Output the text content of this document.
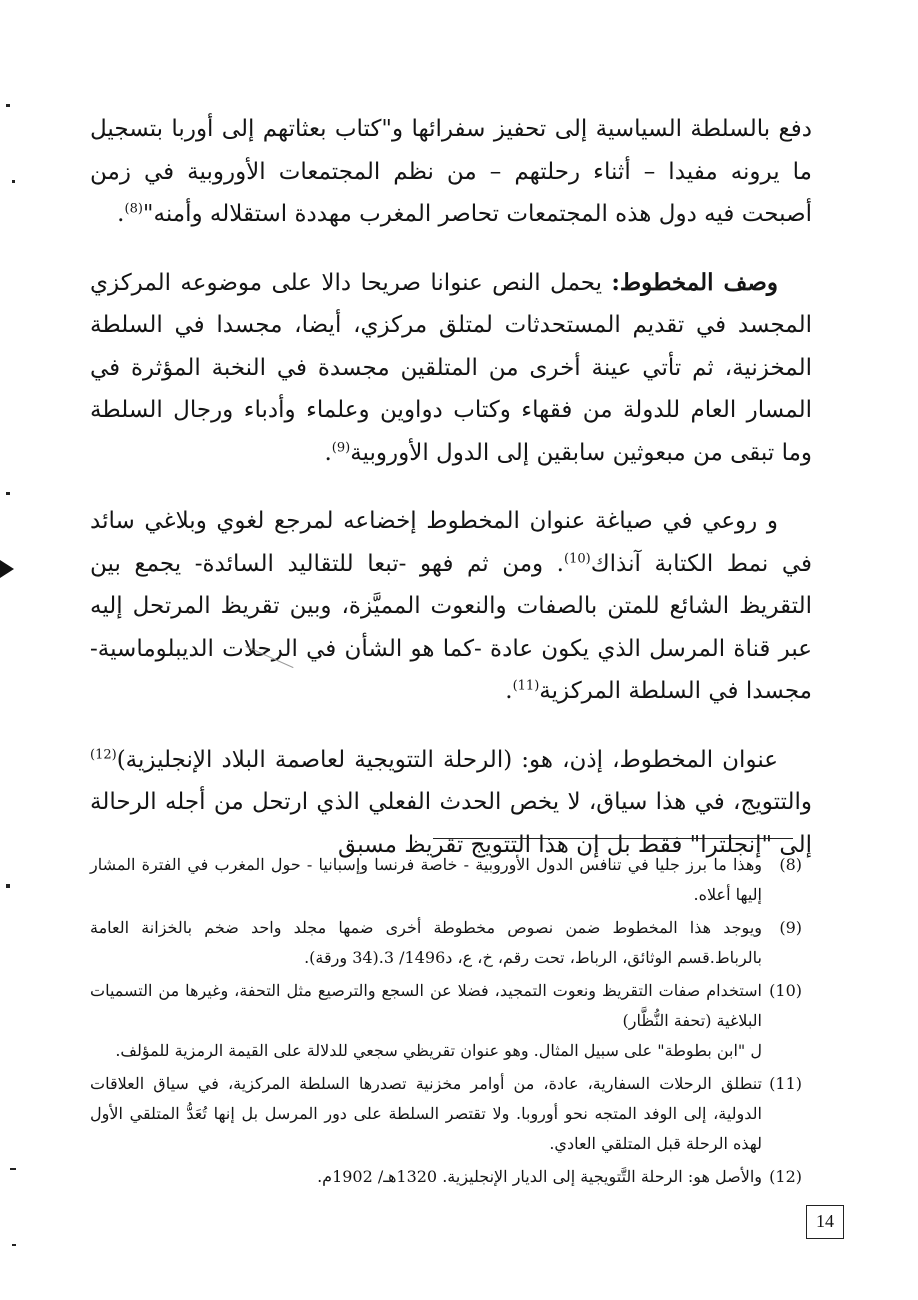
دفع بالسلطة السياسية إلى تحفيز سفرائها و"كتاب بعثاتهم إلى أوربا بتسجيل ما يرونه مفيدا – أثناء رحلتهم – من نظم المجتمعات الأوروبية في زمن أصبحت فيه دول هذه المجتمعات تحاصر المغرب مهددة استقلاله وأمنه"$^{(8)}$.

وصف المخطوط: يحمل النص عنوانا صريحا دالا على موضوعه المركزي المجسد في تقديم المستحدثات لمتلق مركزي، أيضا، مجسدا في السلطة المخزنية، ثم تأتي عينة أخرى من المتلقين مجسدة في النخبة المؤثرة في المسار العام للدولة من فقهاء وكتاب دواوين وعلماء وأدباء ورجال السلطة وما تبقى من مبعوثين سابقين إلى الدول الأوروبية$^{(9)}$.

و روعي في صياغة عنوان المخطوط إخضاعه لمرجع لغوي وبلاغي سائد في نمط الكتابة آنذاك$^{(10)}$. ومن ثم فهو -تبعا للتقاليد السائدة- يجمع بين التقريظ الشائع للمتن بالصفات والنعوت المميَّزة، وبين تقريظ المرتحل إليه عبر قناة المرسل الذي يكون عادة -كما هو الشأن في الرحلات الديبلوماسية- مجسدا في السلطة المركزية$^{(11)}$.

عنوان المخطوط، إذن، هو: (الرحلة التتويجية لعاصمة البلاد الإنجليزية)$^{(12)}$ والتتويج، في هذا سياق، لا يخص الحدث الفعلي الذي ارتحل من أجله الرحالة إلى "إنجلترا" فقط بل إن هذا التتويج تقريظ مسبق

(8)
وهذا ما برز جليا في تنافس الدول الأوروبية - خاصة فرنسا وإسبانيا - حول المغرب في الفترة المشار إليها أعلاه.
(9)
ويوجد هذا المخطوط ضمن نصوص مخطوطة أخرى ضمها مجلد واحد ضخم بالخزانة العامة بالرباط.قسم الوثائق، الرباط، تحت رقم، خ، ع، د1496/ 3.(34 ورقة).
(10)
استخدام صفات التقريظ ونعوت التمجيد، فضلا عن السجع والترصيع مثل التحفة، وغيرها من التسميات البلاغية (تحفة النُّظَّار)
ل "ابن بطوطة" على سبيل المثال. وهو عنوان تقريظي سجعي للدلالة على القيمة الرمزية للمؤلف.
(11)
تنطلق الرحلات السفارية، عادة، من أوامر مخزنية تصدرها السلطة المركزية، في سياق العلاقات الدولية، إلى الوفد المتجه نحو أوروبا. ولا تقتصر السلطة على دور المرسل بل إنها تُعَدُّ المتلقي الأول لهذه الرحلة قبل المتلقي العادي.
(12)
والأصل هو: الرحلة التَّتويجية إلى الديار الإنجليزية. 1320هـ/ 1902م.
14
